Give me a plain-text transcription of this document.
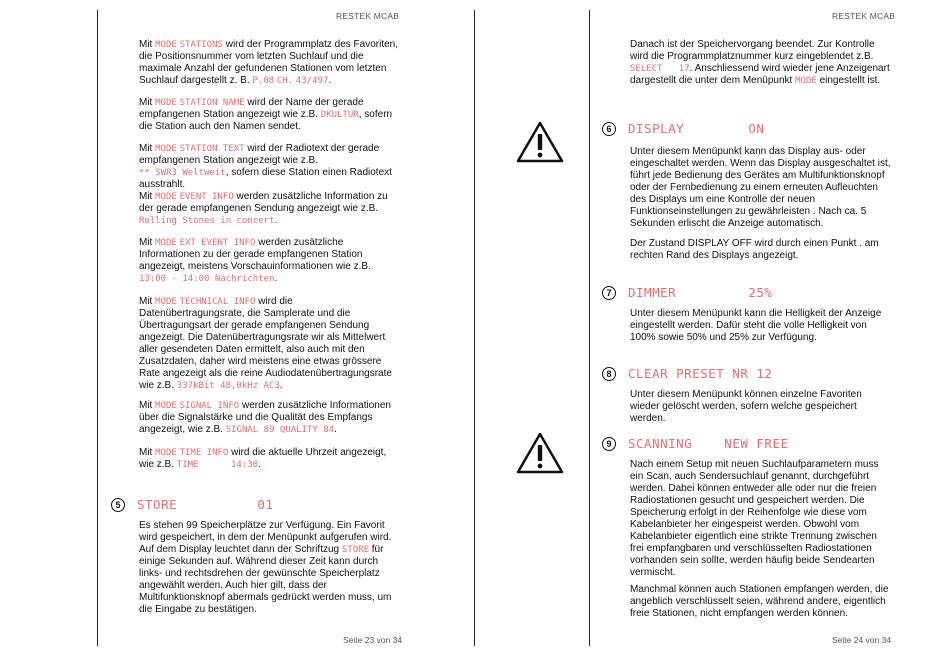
RESTEK MCAB

Mit MODE STATIONS wird der Programmplatz des Favoriten, die Positionsnummer vom letzten Suchlauf und die maximale Anzahl der gefundenen Stationen vom letzten Suchlauf dargestellt z. B. P.08 CH. 43/497.

Mit MODE STATION NAME wird der Name der gerade empfangenen Station angezeigt wie z.B. DKULTUR, sofern die Station auch den Namen sendet.

Mit MODE STATION TEXT wird der Radiotext der gerade empfangenen Station angezeigt wie z.B. ** SWR3 Weltweit, sofern diese Station einen Radiotext ausstrahlt.

Mit MODE EVENT INFO werden zusätzliche Information zu der gerade empfangenen Sendung angezeigt wie z.B. Rolling Stones in concert.

Mit MODE EXT EVENT INFO werden zusätzliche Informationen zu der gerade empfangenen Station angezeigt, meistens Vorschauinformationen wie z.B. 13:00 - 14:00 Nachrichten.

Mit MODE TECHNICAL INFO wird die Datenübertragungsrate, die Samplerate und die Übertragungsart der gerade empfangenen Sendung angezeigt. Die Datenübertragungsrate wir als Mittelwert aller gesendeten Daten ermittelt, also auch mit den Zusatzdaten, daher wird meistens eine etwas grössere Rate angezeigt als die reine Audiodatenübertragungsrate wie z.B. 337kBit 48,0kHz AC3.

Mit MODE SIGNAL INFO werden zusätzliche Informationen über die Signalstärke und die Qualität des Empfangs angezeigt, wie z.B. SIGNAL 89 QUALITY 84.

Mit MODE TIME INFO wird die aktuelle Uhrzeit angezeigt, wie z.B. TIME      14:30.

5	STORE          01

Es stehen 99 Speicherplätze zur Verfügung. Ein Favorit wird gespeichert, in dem der Menüpunkt aufgerufen wird. Auf dem Display leuchtet dann der Schriftzug STORE für einige Sekunden auf. Während dieser Zeit kann durch links- und rechtsdrehen der gewünschte Speicherplatz angewählt werden. Auch hier gilt, dass der Multifunktionsknopf abermals gedrückt werden muss, um die Eingabe zu bestätigen.

Seite 23 von 34
RESTEK MCAB

Danach ist der Speichervorgang beendet. Zur Kontrolle wird die Programmplatznummer kurz eingeblendet z.B. SELECT   17. Anschliessend wird wieder jene Anzeigenart dargestellt die unter dem Menüpunkt MODE eingestellt ist.

6	DISPLAY        ON

Unter diesem Menüpunkt kann das Display aus- oder eingeschaltet werden. Wenn das Display ausgeschaltet ist, führt jede Bedienung des Gerätes am Multifunktionsknopf oder der Fernbedienung zu einem erneuten Aufleuchten des Displays um eine Kontrolle der neuen Funktionseinstellungen zu gewährleisten . Nach ca. 5 Sekunden erlischt die Anzeige automatisch.

Der Zustand DISPLAY OFF wird durch einen Punkt . am rechten Rand des Displays angezeigt.

7	DIMMER         25%

Unter diesem Menüpunkt kann die Helligkeit der Anzeige eingestellt werden. Dafür steht die volle Helligkeit von 100% sowie 50% und 25% zur Verfügung.

8	CLEAR PRESET NR 12

Unter diesem Menüpunkt können einzelne Favoriten wieder gelöscht werden, sofern welche gespeichert werden.

9	SCANNING    NEW FREE

Nach einem Setup mit neuen Suchlaufparametern muss ein Scan, auch Sendersuchlauf genannt, durchgeführt werden. Dabei können entweder alle oder nur die freien Radiostationen gesucht und gespeichert werden. Die Speicherung erfolgt in der Reihenfolge wie diese vom Kabelanbieter her eingespeist werden. Obwohl vom Kabelanbieter eigentlich eine strikte Trennung zwischen frei empfangbaren und verschlüsselten Radiostationen vorhanden sein sollte, werden häufig beide Sendearten vermischt.

Manchmal können auch Stationen empfangen werden, die angeblich verschlüsselt seien, während andere, eigentlich freie Stationen, nicht empfangen werden können.

Seite 24 von 34
